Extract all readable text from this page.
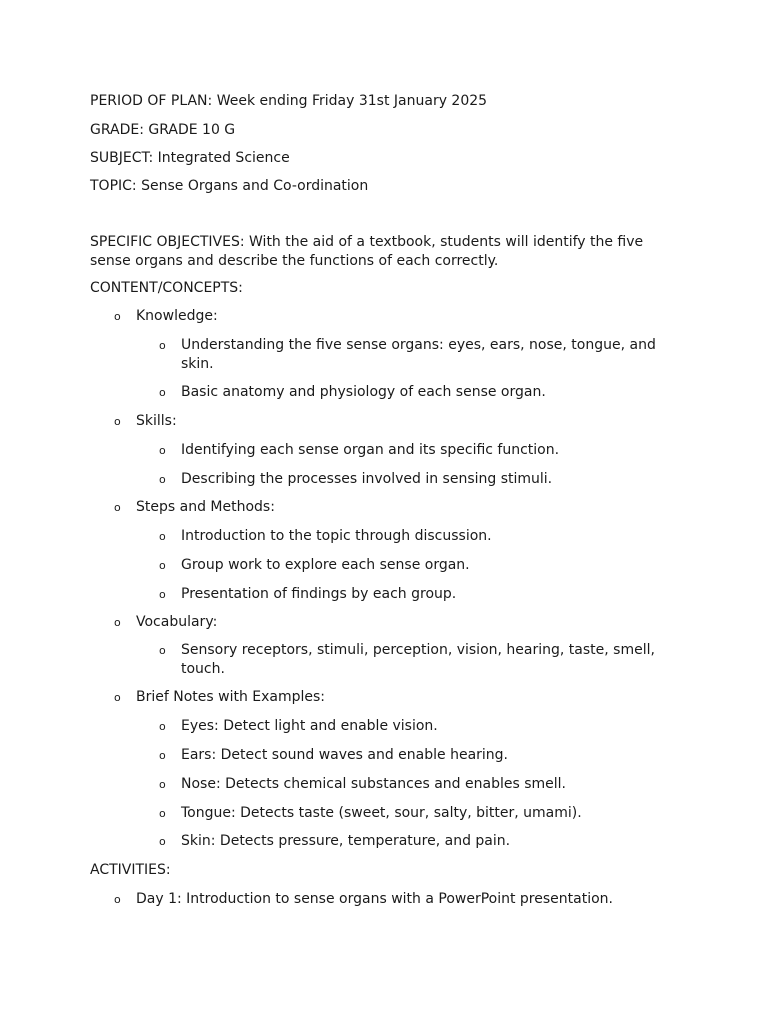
PERIOD OF PLAN: Week ending Friday 31st January 2025
GRADE: GRADE 10 G
SUBJECT: Integrated Science
TOPIC: Sense Organs and Co-ordination
SPECIFIC OBJECTIVES: With the aid of a textbook, students will identify the five sense organs and describe the functions of each correctly.
CONTENT/CONCEPTS:
o Knowledge:
o Understanding the five sense organs: eyes, ears, nose, tongue, and skin.
o Basic anatomy and physiology of each sense organ.
o Skills:
o Identifying each sense organ and its specific function.
o Describing the processes involved in sensing stimuli.
o Steps and Methods:
o Introduction to the topic through discussion.
o Group work to explore each sense organ.
o Presentation of findings by each group.
o Vocabulary:
o Sensory receptors, stimuli, perception, vision, hearing, taste, smell, touch.
o Brief Notes with Examples:
o Eyes: Detect light and enable vision.
o Ears: Detect sound waves and enable hearing.
o Nose: Detects chemical substances and enables smell.
o Tongue: Detects taste (sweet, sour, salty, bitter, umami).
o Skin: Detects pressure, temperature, and pain.
ACTIVITIES:
o Day 1: Introduction to sense organs with a PowerPoint presentation.
